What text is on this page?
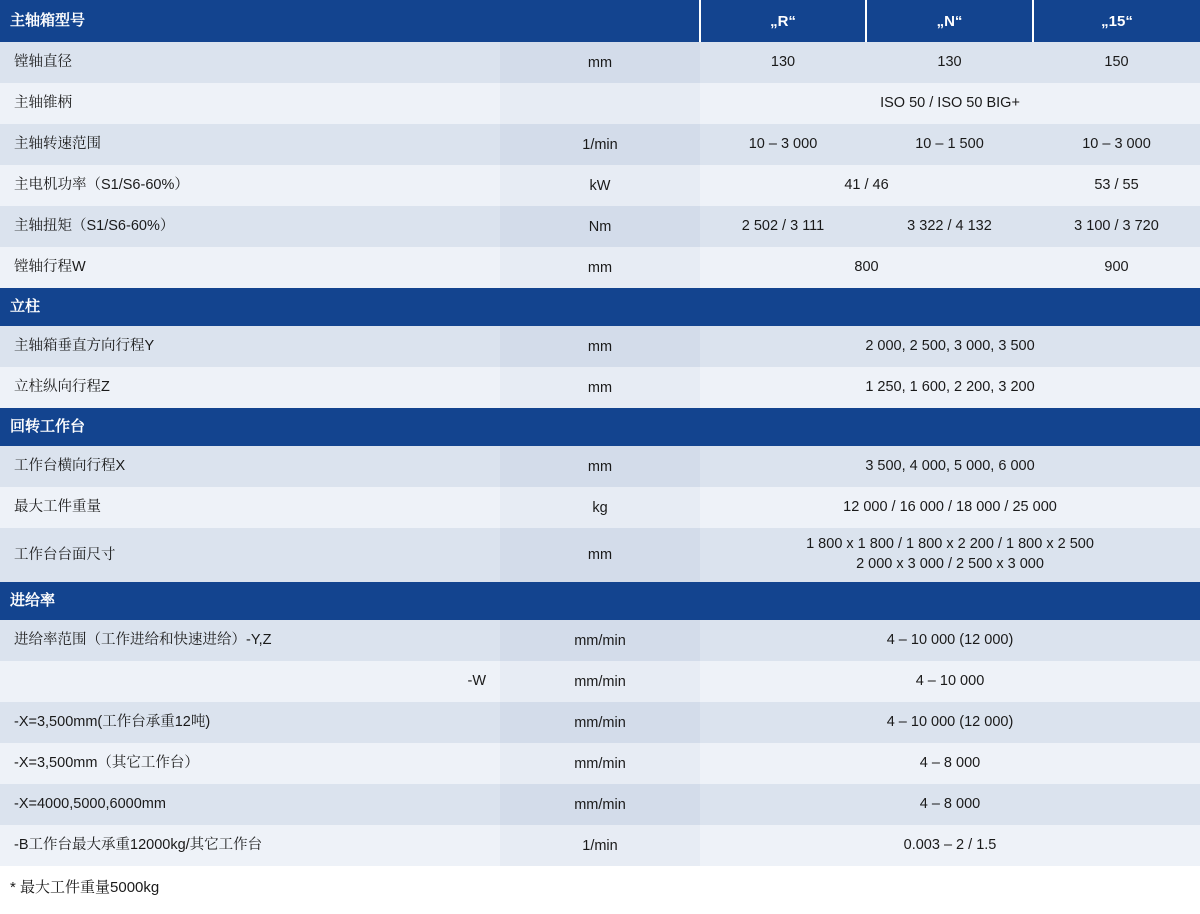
主轴箱型号		„R“	„N“	„15“
镗轴直径	mm	130	130	150
主轴锥柄		ISO 50 / ISO 50 BIG+		
主轴转速范围	1/min	10 – 3 000	10 – 1 500	10 – 3 000
主电机功率（S1/S6-60%）	kW	41 / 46		53 / 55
主轴扭矩（S1/S6-60%）	Nm	2 502 / 3 111	3 322 / 4 132	3 100 / 3 720
镗轴行程W	mm	800		900
立柱				
主轴箱垂直方向行程Y	mm	2 000, 2 500, 3 000, 3 500		
立柱纵向行程Z	mm	1 250, 1 600, 2 200, 3 200		
回转工作台				
工作台横向行程X	mm	3 500, 4 000, 5 000, 6 000		
最大工件重量	kg	12 000 / 16 000 / 18 000 / 25 000		
工作台台面尺寸	mm	1 800 x 1 800 / 1 800 x 2 200 / 1 800 x 2 500
2 000 x 3 000 / 2 500 x 3 000		
进给率				
进给率范围（工作进给和快速进给）-Y,Z	mm/min	4 – 10 000 (12 000)		
-W	mm/min	4 – 10 000		
-X=3,500mm(工作台承重12吨)	mm/min	4 – 10 000 (12 000)		
-X=3,500mm（其它工作台）	mm/min	4 – 8 000		
-X=4000,5000,6000mm	mm/min	4 – 8 000		
-B工作台最大承重12000kg/其它工作台	1/min	0.003 – 2 / 1.5		
* 最大工件重量5000kg
